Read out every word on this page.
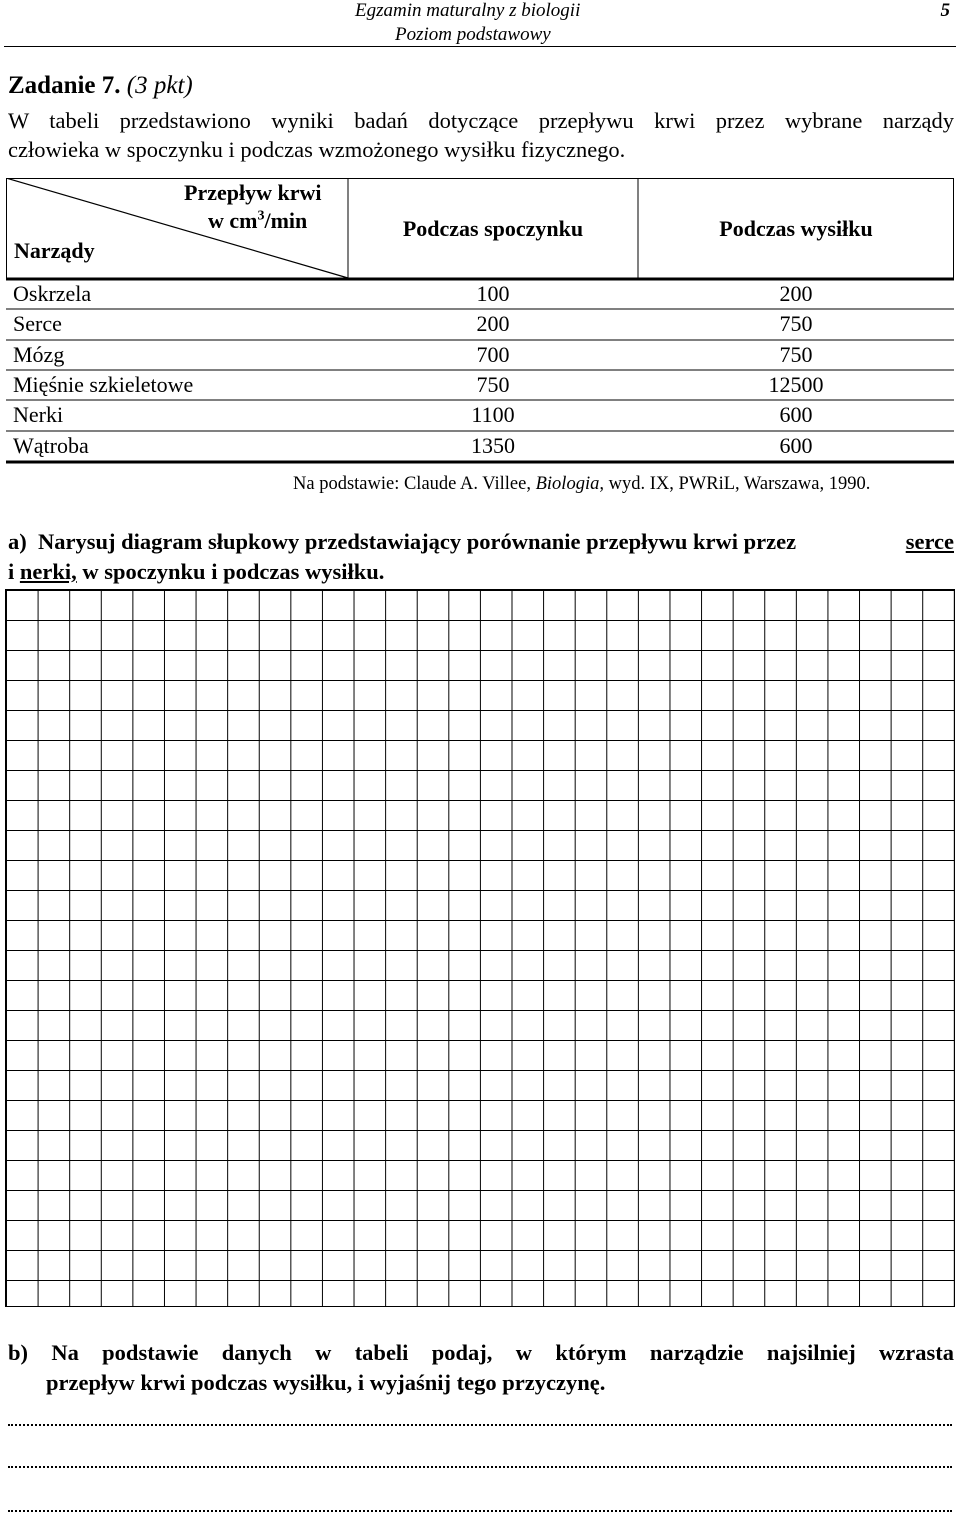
Egzamin maturalny z biologii	5
Poziom podstawowy
Zadanie 7. (3 pkt)
W tabeli przedstawiono wyniki badań dotyczące przepływu krwi przez wybrane narządy
człowieka w spoczynku i podczas wzmożonego wysiłku fizycznego.
Przepływ krwi
w $cm^3/\min$
Narządy
Podczas spoczynku	Podczas wysiłku
Oskrzela	100	200
Serce	200	750
Mózg	700	750
Mięśnie szkieletowe	750	12500
Nerki	1100	600
Wątroba	1350	600
Na podstawie: Claude A. Villee, Biologia, wyd. IX, PWRiL, Warszawa, 1990.
a) Narysuj diagram słupkowy przedstawiający porównanie przepływu krwi przez	serce
i nerki, w spoczynku i podczas wysiłku.
b) Na podstawie danych w tabeli podaj, w którym narządzie najsilniej wzrasta
przepływ krwi podczas wysiłku, i wyjaśnij tego przyczynę.
